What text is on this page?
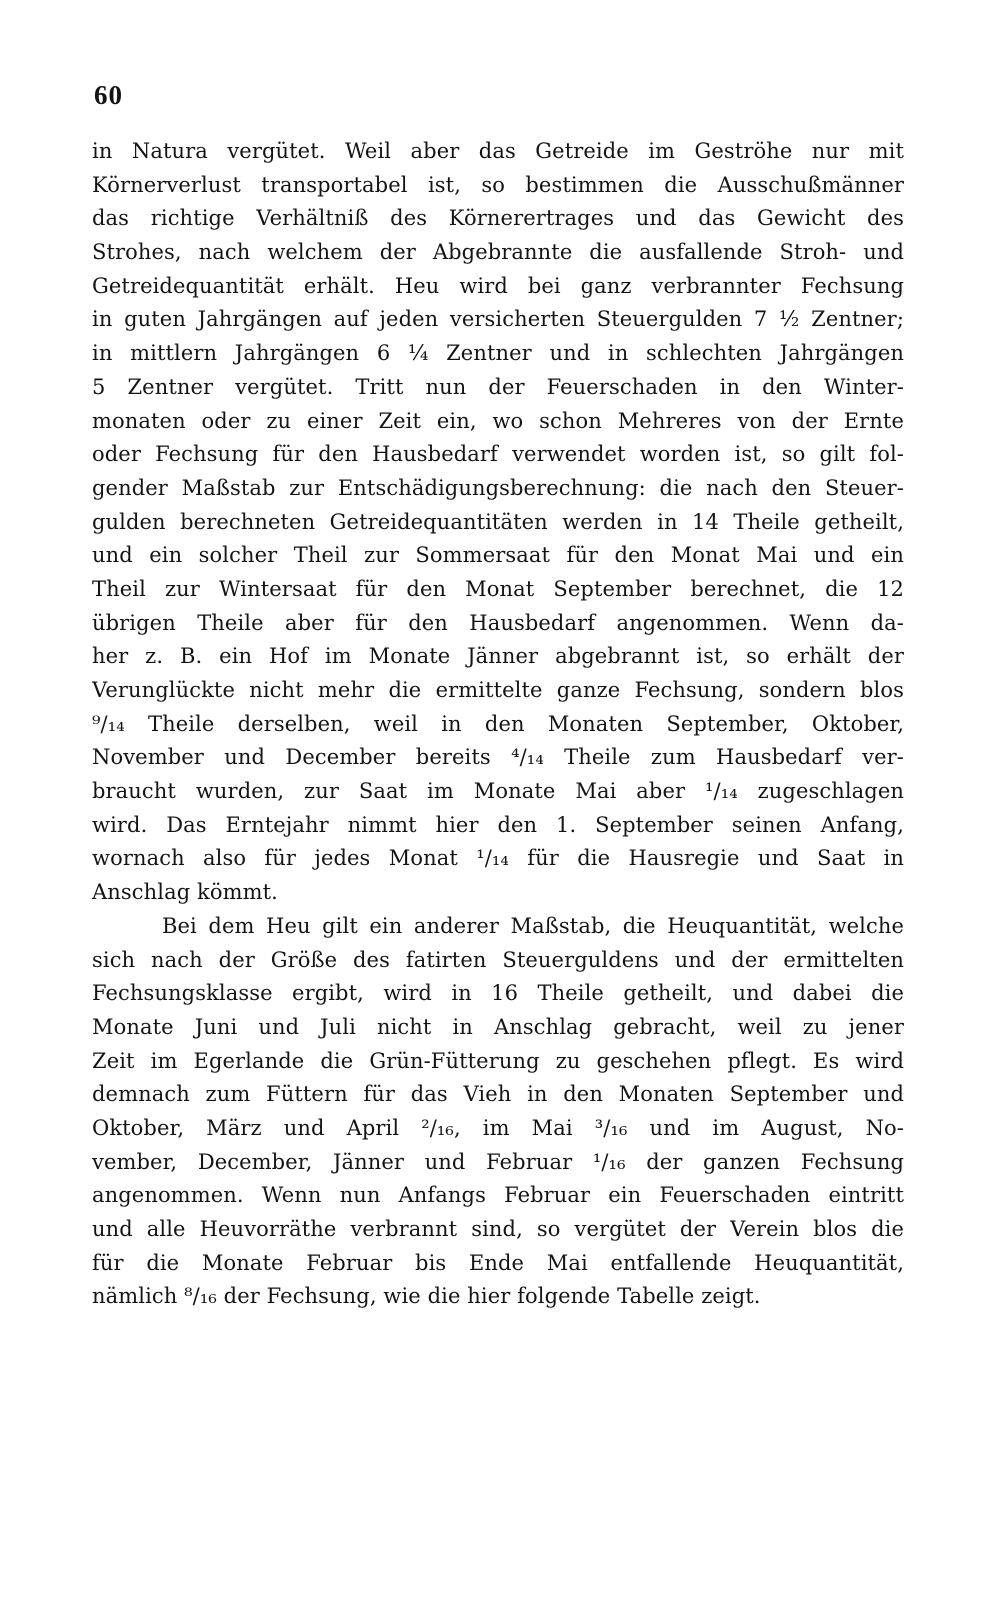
60
in Natura vergütet. Weil aber das Getreide im Geströhe nur mit
Körnerverlust transportabel ist, so bestimmen die Ausschußmänner
das richtige Verhältniß des Körnerertrages und das Gewicht des
Strohes, nach welchem der Abgebrannte die ausfallende Stroh- und
Getreidequantität erhält. Heu wird bei ganz verbrannter Fechsung
in guten Jahrgängen auf jeden versicherten Steuergulden 7 ½ Zentner;
in mittlern Jahrgängen 6 ¼ Zentner und in schlechten Jahrgängen
5 Zentner vergütet. Tritt nun der Feuerschaden in den Winter-
monaten oder zu einer Zeit ein, wo schon Mehreres von der Ernte
oder Fechsung für den Hausbedarf verwendet worden ist, so gilt fol-
gender Maßstab zur Entschädigungsberechnung: die nach den Steuer-
gulden berechneten Getreidequantitäten werden in 14 Theile getheilt,
und ein solcher Theil zur Sommersaat für den Monat Mai und ein
Theil zur Wintersaat für den Monat September berechnet, die 12
übrigen Theile aber für den Hausbedarf angenommen. Wenn da-
her z. B. ein Hof im Monate Jänner abgebrannt ist, so erhält der
Verunglückte nicht mehr die ermittelte ganze Fechsung, sondern blos
⁹/₁₄ Theile derselben, weil in den Monaten September, Oktober,
November und December bereits ⁴/₁₄ Theile zum Hausbedarf ver-
braucht wurden, zur Saat im Monate Mai aber ¹/₁₄ zugeschlagen
wird. Das Erntejahr nimmt hier den 1. September seinen Anfang,
wornach also für jedes Monat ¹/₁₄ für die Hausregie und Saat in
Anschlag kömmt.
Bei dem Heu gilt ein anderer Maßstab, die Heuquantität, welche
sich nach der Größe des fatirten Steuerguldens und der ermittelten
Fechsungsklasse ergibt, wird in 16 Theile getheilt, und dabei die
Monate Juni und Juli nicht in Anschlag gebracht, weil zu jener
Zeit im Egerlande die Grün-Fütterung zu geschehen pflegt. Es wird
demnach zum Füttern für das Vieh in den Monaten September und
Oktober, März und April ²/₁₆, im Mai ³/₁₆ und im August, No-
vember, December, Jänner und Februar ¹/₁₆ der ganzen Fechsung
angenommen. Wenn nun Anfangs Februar ein Feuerschaden eintritt
und alle Heuvorräthe verbrannt sind, so vergütet der Verein blos die
für die Monate Februar bis Ende Mai entfallende Heuquantität,
nämlich ⁸/₁₆ der Fechsung, wie die hier folgende Tabelle zeigt.
